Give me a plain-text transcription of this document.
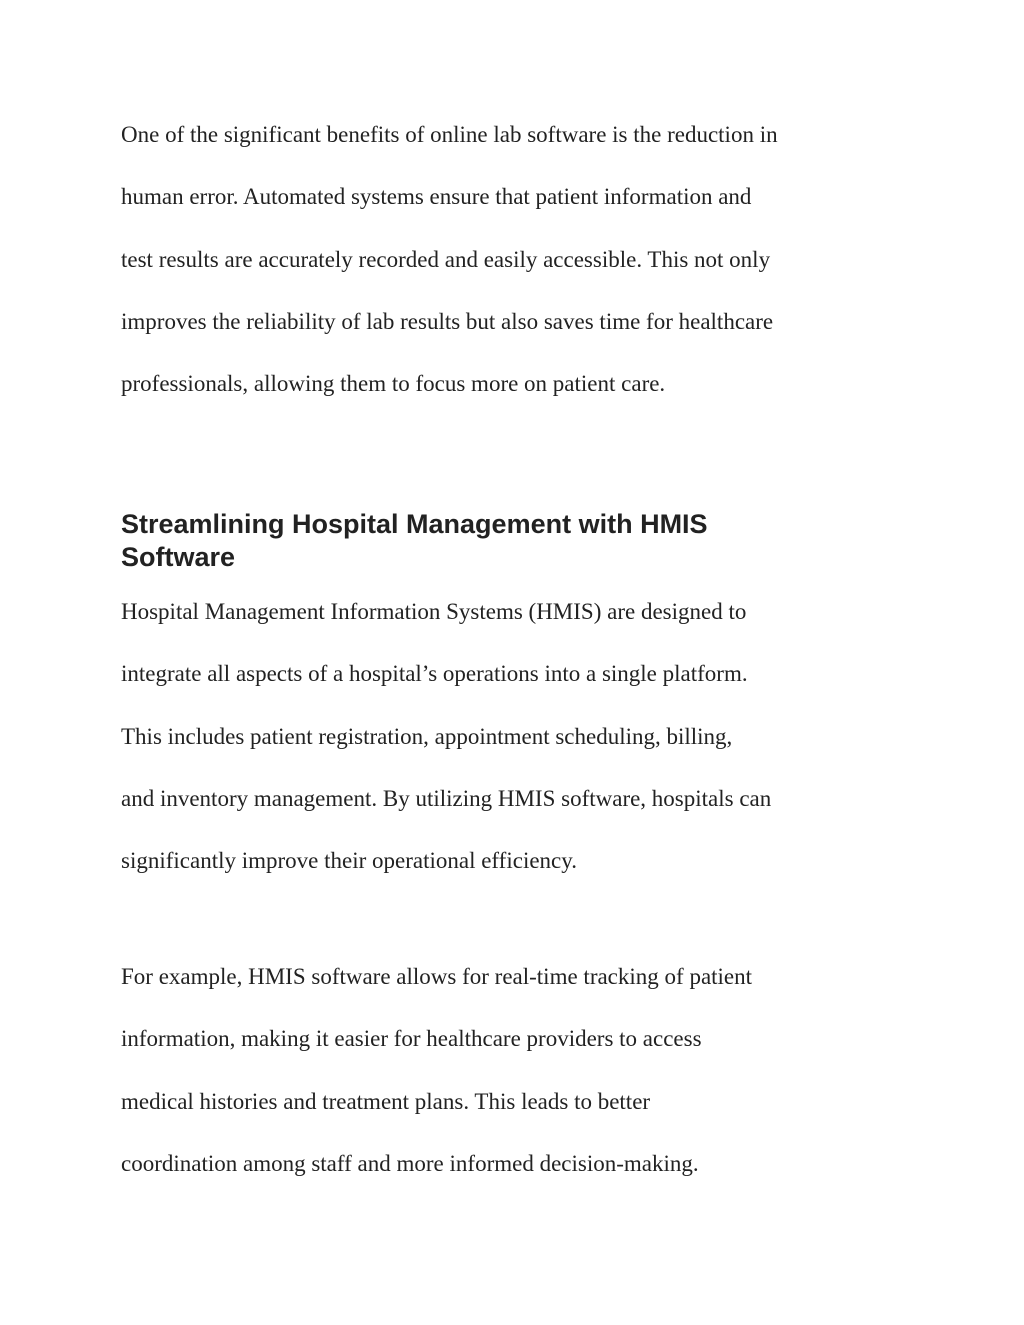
One of the significant benefits of online lab software is the reduction in
human error. Automated systems ensure that patient information and
test results are accurately recorded and easily accessible. This not only
improves the reliability of lab results but also saves time for healthcare
professionals, allowing them to focus more on patient care.

Streamlining Hospital Management with HMIS
Software

Hospital Management Information Systems (HMIS) are designed to
integrate all aspects of a hospital’s operations into a single platform.
This includes patient registration, appointment scheduling, billing,
and inventory management. By utilizing HMIS software, hospitals can
significantly improve their operational efficiency.

For example, HMIS software allows for real-time tracking of patient
information, making it easier for healthcare providers to access
medical histories and treatment plans. This leads to better
coordination among staff and more informed decision-making.
